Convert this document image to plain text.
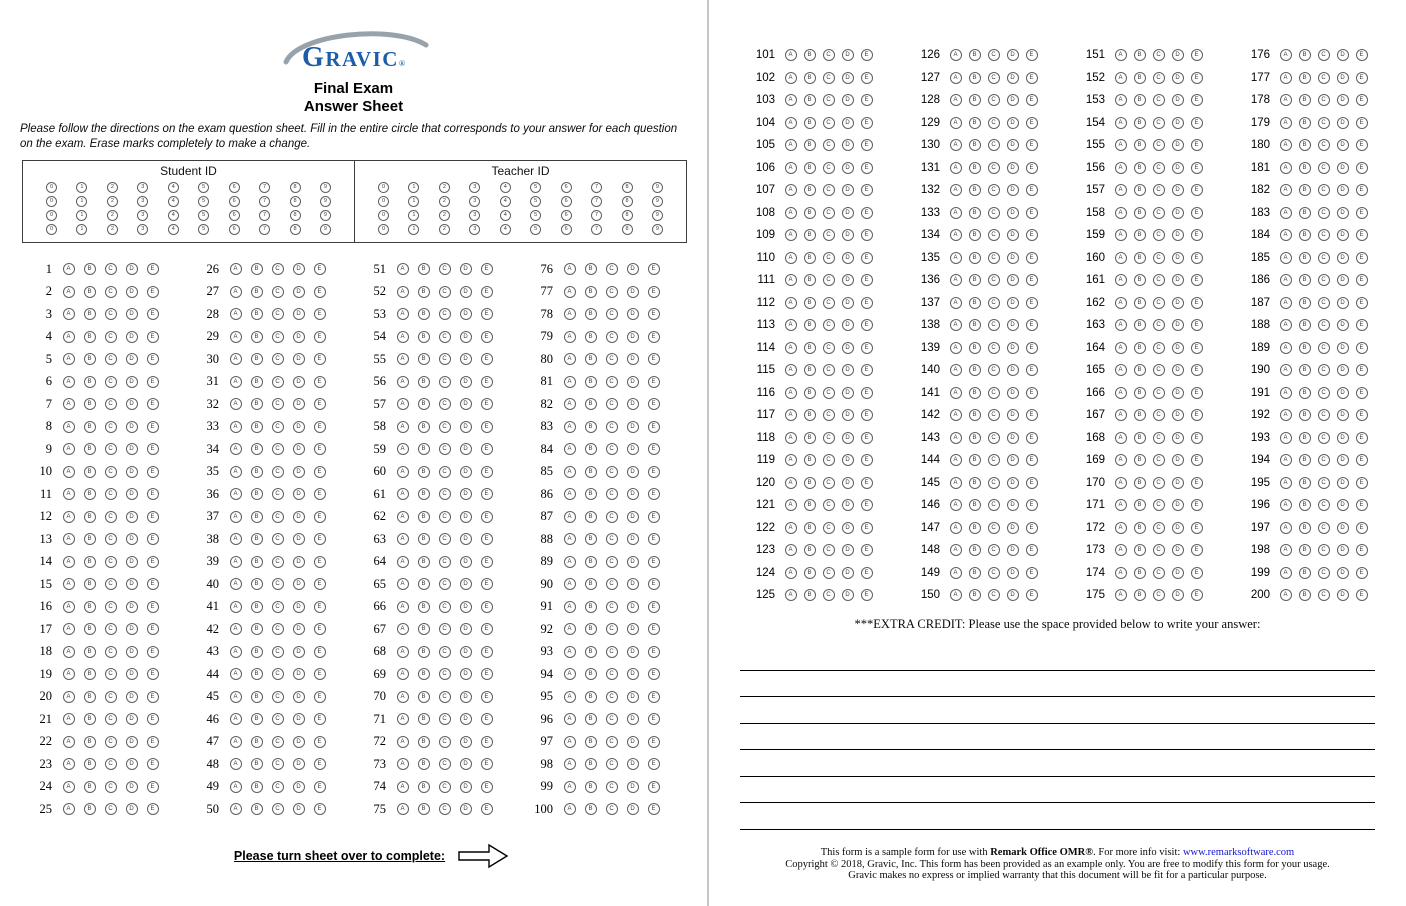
GRAVIC®
Final Exam
Answer Sheet

Please follow the directions on the exam question sheet. Fill in the entire circle that corresponds to your answer for each question on the exam. Erase marks completely to make a change.

Student ID
0	1	2	3	4	5	6	7	8	9
0	1	2	3	4	5	6	7	8	9
0	1	2	3	4	5	6	7	8	9
0	1	2	3	4	5	6	7	8	9
Teacher ID
0	1	2	3	4	5	6	7	8	9
0	1	2	3	4	5	6	7	8	9
0	1	2	3	4	5	6	7	8	9
0	1	2	3	4	5	6	7	8	9
1	A	B	C	D	E
2	A	B	C	D	E
3	A	B	C	D	E
4	A	B	C	D	E
5	A	B	C	D	E
6	A	B	C	D	E
7	A	B	C	D	E
8	A	B	C	D	E
9	A	B	C	D	E
10	A	B	C	D	E
11	A	B	C	D	E
12	A	B	C	D	E
13	A	B	C	D	E
14	A	B	C	D	E
15	A	B	C	D	E
16	A	B	C	D	E
17	A	B	C	D	E
18	A	B	C	D	E
19	A	B	C	D	E
20	A	B	C	D	E
21	A	B	C	D	E
22	A	B	C	D	E
23	A	B	C	D	E
24	A	B	C	D	E
25	A	B	C	D	E
26	A	B	C	D	E
27	A	B	C	D	E
28	A	B	C	D	E
29	A	B	C	D	E
30	A	B	C	D	E
31	A	B	C	D	E
32	A	B	C	D	E
33	A	B	C	D	E
34	A	B	C	D	E
35	A	B	C	D	E
36	A	B	C	D	E
37	A	B	C	D	E
38	A	B	C	D	E
39	A	B	C	D	E
40	A	B	C	D	E
41	A	B	C	D	E
42	A	B	C	D	E
43	A	B	C	D	E
44	A	B	C	D	E
45	A	B	C	D	E
46	A	B	C	D	E
47	A	B	C	D	E
48	A	B	C	D	E
49	A	B	C	D	E
50	A	B	C	D	E
51	A	B	C	D	E
52	A	B	C	D	E
53	A	B	C	D	E
54	A	B	C	D	E
55	A	B	C	D	E
56	A	B	C	D	E
57	A	B	C	D	E
58	A	B	C	D	E
59	A	B	C	D	E
60	A	B	C	D	E
61	A	B	C	D	E
62	A	B	C	D	E
63	A	B	C	D	E
64	A	B	C	D	E
65	A	B	C	D	E
66	A	B	C	D	E
67	A	B	C	D	E
68	A	B	C	D	E
69	A	B	C	D	E
70	A	B	C	D	E
71	A	B	C	D	E
72	A	B	C	D	E
73	A	B	C	D	E
74	A	B	C	D	E
75	A	B	C	D	E
76	A	B	C	D	E
77	A	B	C	D	E
78	A	B	C	D	E
79	A	B	C	D	E
80	A	B	C	D	E
81	A	B	C	D	E
82	A	B	C	D	E
83	A	B	C	D	E
84	A	B	C	D	E
85	A	B	C	D	E
86	A	B	C	D	E
87	A	B	C	D	E
88	A	B	C	D	E
89	A	B	C	D	E
90	A	B	C	D	E
91	A	B	C	D	E
92	A	B	C	D	E
93	A	B	C	D	E
94	A	B	C	D	E
95	A	B	C	D	E
96	A	B	C	D	E
97	A	B	C	D	E
98	A	B	C	D	E
99	A	B	C	D	E
100	A	B	C	D	E
Please turn sheet over to complete:
101	A	B	C	D	E
102	A	B	C	D	E
103	A	B	C	D	E
104	A	B	C	D	E
105	A	B	C	D	E
106	A	B	C	D	E
107	A	B	C	D	E
108	A	B	C	D	E
109	A	B	C	D	E
110	A	B	C	D	E
111	A	B	C	D	E
112	A	B	C	D	E
113	A	B	C	D	E
114	A	B	C	D	E
115	A	B	C	D	E
116	A	B	C	D	E
117	A	B	C	D	E
118	A	B	C	D	E
119	A	B	C	D	E
120	A	B	C	D	E
121	A	B	C	D	E
122	A	B	C	D	E
123	A	B	C	D	E
124	A	B	C	D	E
125	A	B	C	D	E
126	A	B	C	D	E
127	A	B	C	D	E
128	A	B	C	D	E
129	A	B	C	D	E
130	A	B	C	D	E
131	A	B	C	D	E
132	A	B	C	D	E
133	A	B	C	D	E
134	A	B	C	D	E
135	A	B	C	D	E
136	A	B	C	D	E
137	A	B	C	D	E
138	A	B	C	D	E
139	A	B	C	D	E
140	A	B	C	D	E
141	A	B	C	D	E
142	A	B	C	D	E
143	A	B	C	D	E
144	A	B	C	D	E
145	A	B	C	D	E
146	A	B	C	D	E
147	A	B	C	D	E
148	A	B	C	D	E
149	A	B	C	D	E
150	A	B	C	D	E
151	A	B	C	D	E
152	A	B	C	D	E
153	A	B	C	D	E
154	A	B	C	D	E
155	A	B	C	D	E
156	A	B	C	D	E
157	A	B	C	D	E
158	A	B	C	D	E
159	A	B	C	D	E
160	A	B	C	D	E
161	A	B	C	D	E
162	A	B	C	D	E
163	A	B	C	D	E
164	A	B	C	D	E
165	A	B	C	D	E
166	A	B	C	D	E
167	A	B	C	D	E
168	A	B	C	D	E
169	A	B	C	D	E
170	A	B	C	D	E
171	A	B	C	D	E
172	A	B	C	D	E
173	A	B	C	D	E
174	A	B	C	D	E
175	A	B	C	D	E
176	A	B	C	D	E
177	A	B	C	D	E
178	A	B	C	D	E
179	A	B	C	D	E
180	A	B	C	D	E
181	A	B	C	D	E
182	A	B	C	D	E
183	A	B	C	D	E
184	A	B	C	D	E
185	A	B	C	D	E
186	A	B	C	D	E
187	A	B	C	D	E
188	A	B	C	D	E
189	A	B	C	D	E
190	A	B	C	D	E
191	A	B	C	D	E
192	A	B	C	D	E
193	A	B	C	D	E
194	A	B	C	D	E
195	A	B	C	D	E
196	A	B	C	D	E
197	A	B	C	D	E
198	A	B	C	D	E
199	A	B	C	D	E
200	A	B	C	D	E
***EXTRA CREDIT: Please use the space provided below to write your answer:
This form is a sample form for use with Remark Office OMR®. For more info visit: www.remarksoftware.com
Copyright © 2018, Gravic, Inc. This form has been provided as an example only. You are free to modify this form for your usage.
Gravic makes no express or implied warranty that this document will be fit for a particular purpose.
